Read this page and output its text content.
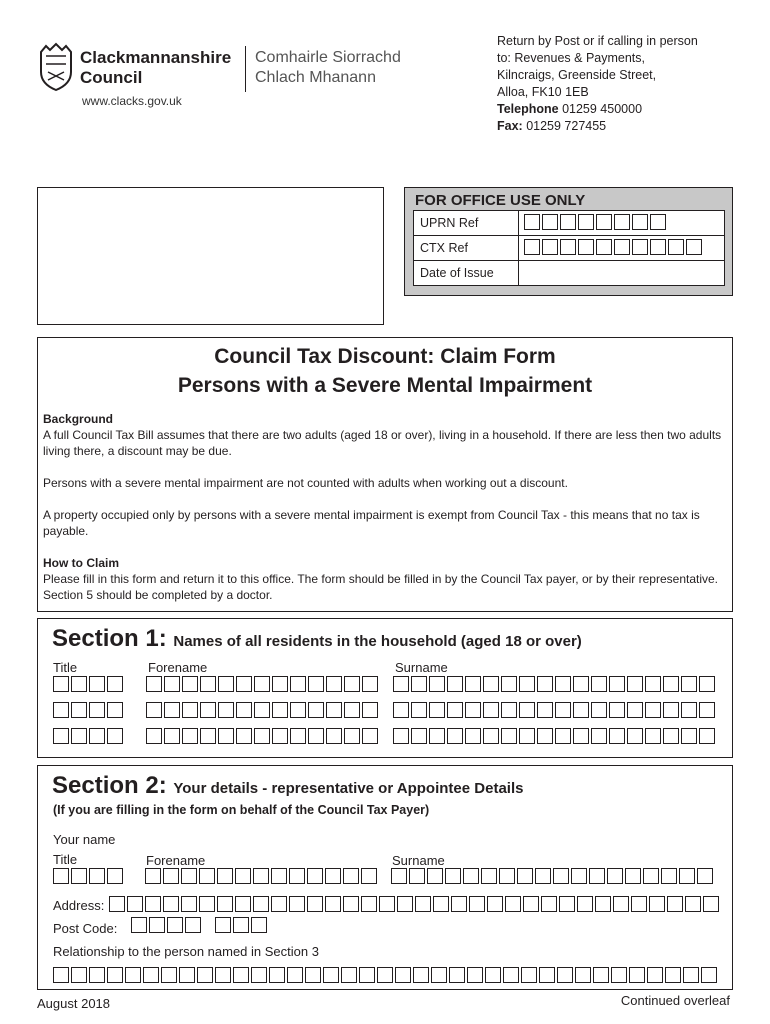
Clackmannanshire
Council
Comhairle Siorrachd
Chlach Mhanann
www.clacks.gov.uk
Return by Post or if calling in person
to: Revenues & Payments,
Kilncraigs, Greenside Street,
Alloa, FK10 1EB
Telephone 01259 450000
Fax: 01259 727455
FOR OFFICE USE ONLY
UPRN Ref
CTX Ref
Date of Issue
Council Tax Discount: Claim Form
Persons with a Severe Mental Impairment
Background
A full Council Tax Bill assumes that there are two adults (aged 18 or over), living in a household. If there are less then two adults living there, a discount may be due.
Persons with a severe mental impairment are not counted with adults when working out a discount.
A property occupied only by persons with a severe mental impairment is exempt from Council Tax - this means that no tax is payable.
How to Claim
Please fill in this form and return it to this office. The form should be filled in by the Council Tax payer, or by their representative. Section 5 should be completed by a doctor.
Section 1: Names of all residents in the household (aged 18 or over)
Title	Forename	Surname
Section 2: Your details - representative or Appointee Details
(If you are filling in the form on behalf of the Council Tax Payer)
Your name
Title	Forename	Surname
Address:
Post Code:
Relationship to the person named in Section 3
August 2018	Continued overleaf
